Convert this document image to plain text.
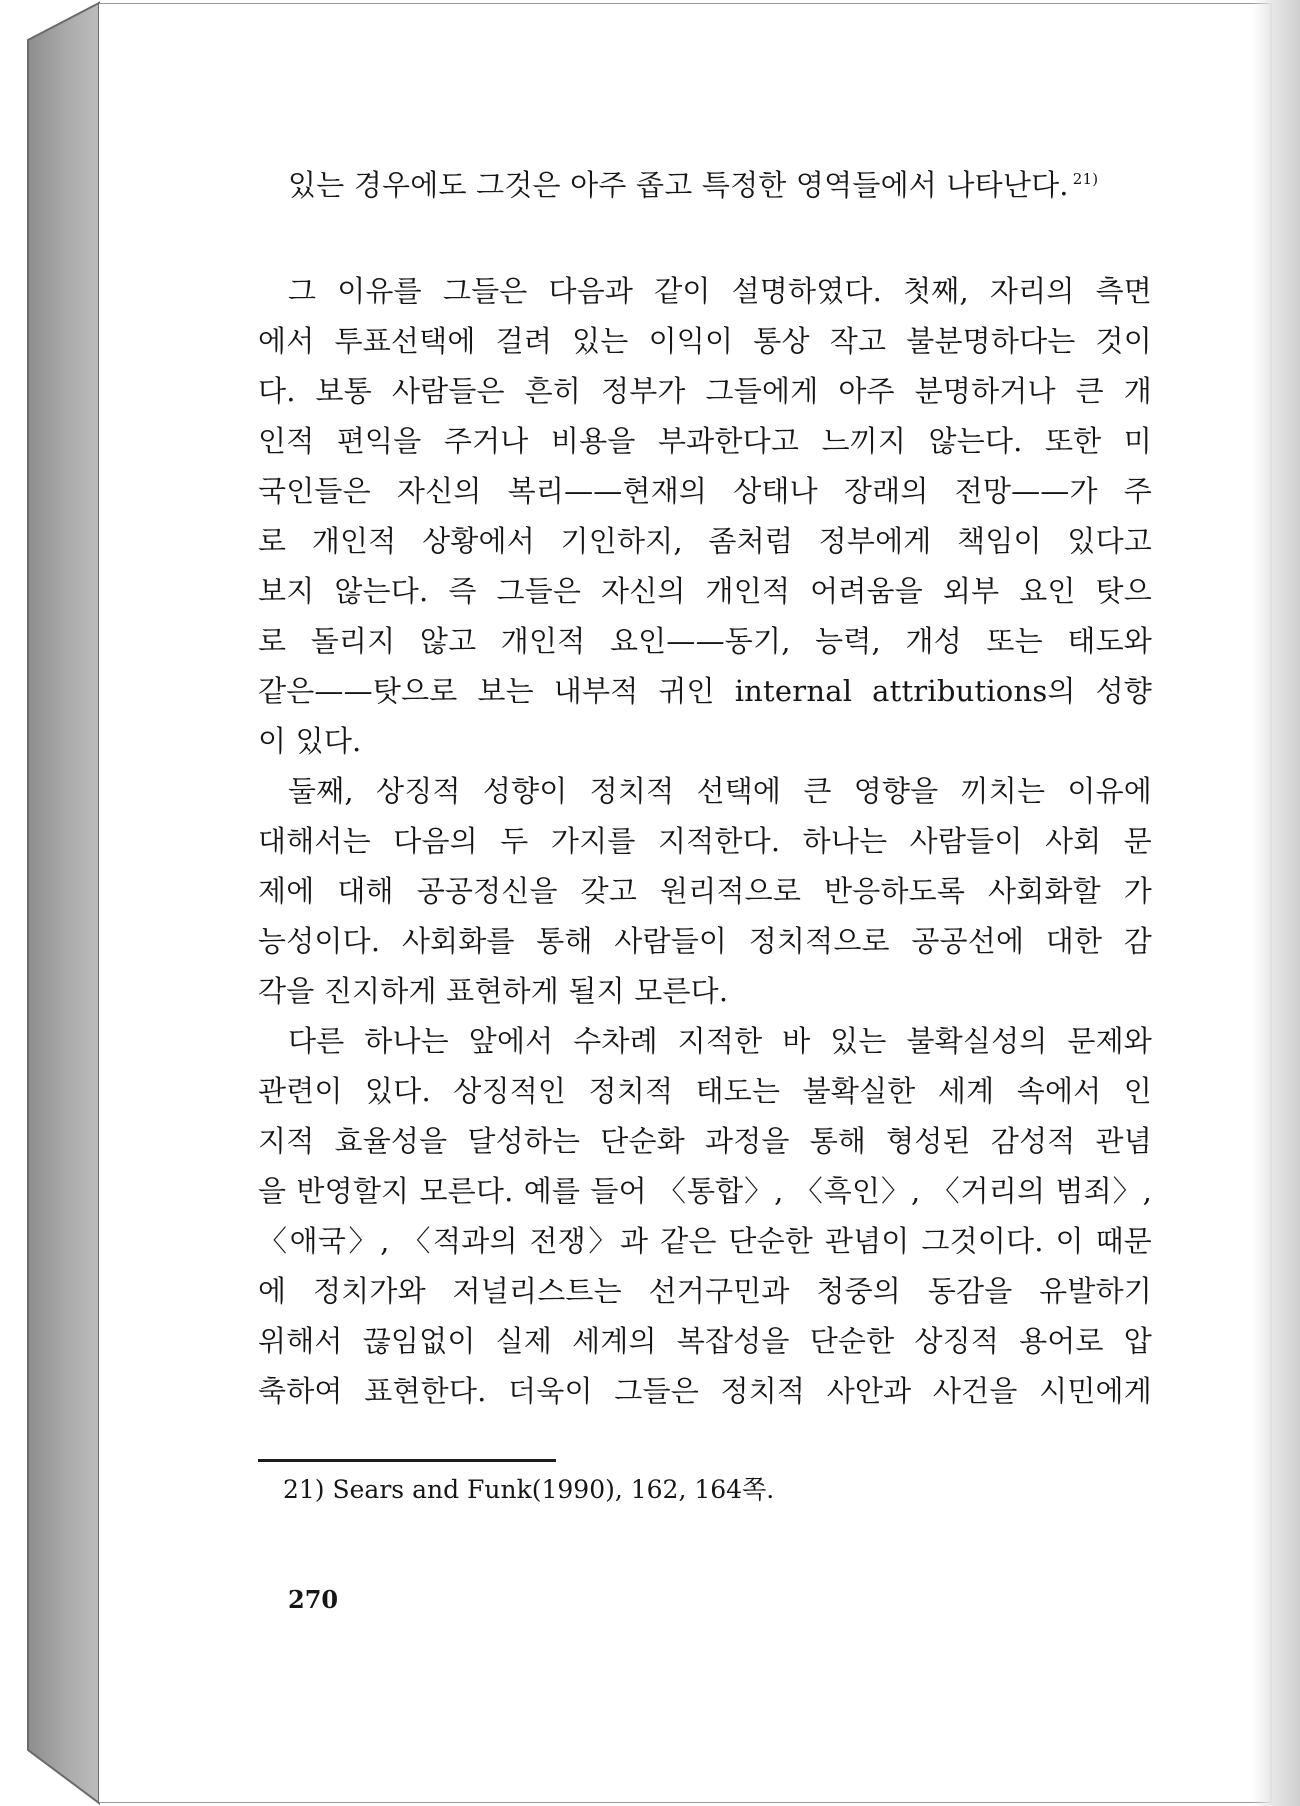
있는 경우에도 그것은 아주 좁고 특정한 영역들에서 나타난다. $^{21)}$
그 이유를 그들은 다음과 같이 설명하였다. 첫째, 자리의 측면
에서 투표선택에 걸려 있는 이익이 통상 작고 불분명하다는 것이
다. 보통 사람들은 흔히 정부가 그들에게 아주 분명하거나 큰 개
인적 편익을 주거나 비용을 부과한다고 느끼지 않는다. 또한 미
국인들은 자신의 복리——현재의 상태나 장래의 전망——가 주
로 개인적 상황에서 기인하지, 좀처럼 정부에게 책임이 있다고
보지 않는다. 즉 그들은 자신의 개인적 어려움을 외부 요인 탓으
로 돌리지 않고 개인적 요인——동기, 능력, 개성 또는 태도와
같은——탓으로 보는 내부적 귀인 internal attributions의 성향
이 있다.
둘째, 상징적 성향이 정치적 선택에 큰 영향을 끼치는 이유에
대해서는 다음의 두 가지를 지적한다. 하나는 사람들이 사회 문
제에 대해 공공정신을 갖고 원리적으로 반응하도록 사회화할 가
능성이다. 사회화를 통해 사람들이 정치적으로 공공선에 대한 감
각을 진지하게 표현하게 될지 모른다.
다른 하나는 앞에서 수차례 지적한 바 있는 불확실성의 문제와
관련이 있다. 상징적인 정치적 태도는 불확실한 세계 속에서 인
지적 효율성을 달성하는 단순화 과정을 통해 형성된 감성적 관념
을 반영할지 모른다. 예를 들어 〈통합〉, 〈흑인〉, 〈거리의 범죄〉,
〈애국〉, 〈적과의 전쟁〉과 같은 단순한 관념이 그것이다. 이 때문
에 정치가와 저널리스트는 선거구민과 청중의 동감을 유발하기
위해서 끊임없이 실제 세계의 복잡성을 단순한 상징적 용어로 압
축하여 표현한다. 더욱이 그들은 정치적 사안과 사건을 시민에게
21) Sears and Funk(1990), 162, 164쪽.
270
